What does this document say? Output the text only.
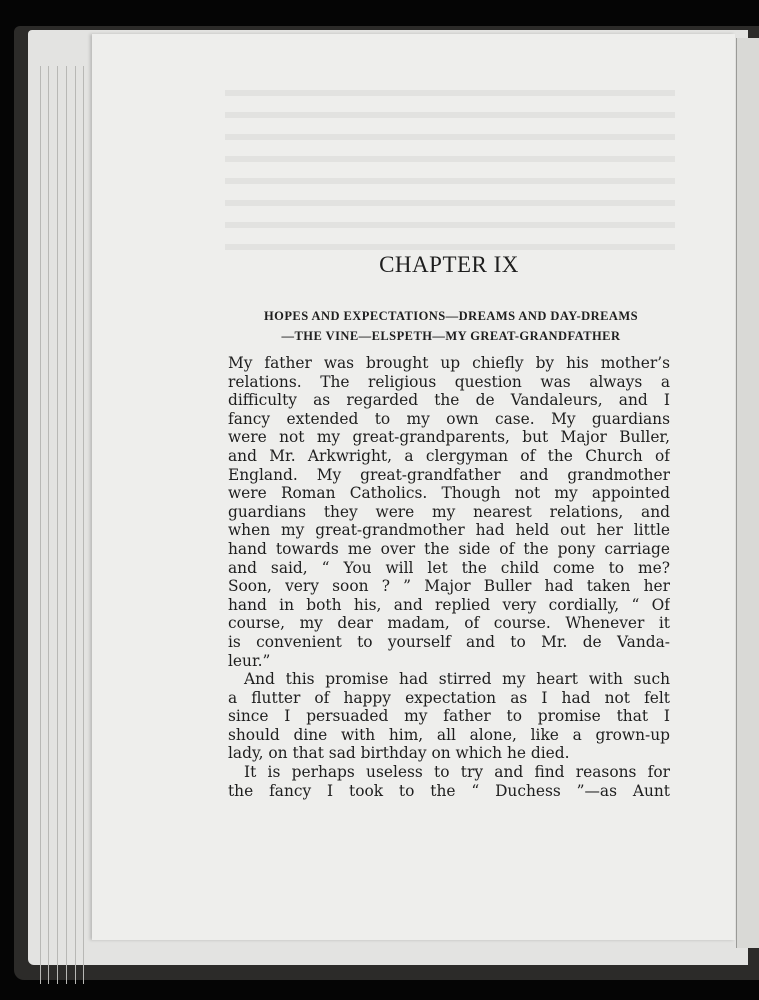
CHAPTER IX
HOPES AND EXPECTATIONS—DREAMS AND DAY-DREAMS
—THE VINE—ELSPETH—MY GREAT-GRANDFATHER
My father was brought up chiefly by his mother’s
relations. The religious question was always a
difficulty as regarded the de Vandaleurs, and I
fancy extended to my own case. My guardians
were not my great-grandparents, but Major Buller,
and Mr. Arkwright, a clergyman of the Church of
England. My great-grandfather and grandmother
were Roman Catholics. Though not my appointed
guardians they were my nearest relations, and
when my great-grandmother had held out her little
hand towards me over the side of the pony carriage
and said, “ You will let the child come to me?
Soon, very soon ? ” Major Buller had taken her
hand in both his, and replied very cordially, “ Of
course, my dear madam, of course. Whenever it
is convenient to yourself and to Mr. de Vanda-
leur.”
And this promise had stirred my heart with such
a flutter of happy expectation as I had not felt
since I persuaded my father to promise that I
should dine with him, all alone, like a grown-up
lady, on that sad birthday on which he died.
It is perhaps useless to try and find reasons for
the fancy I took to the “ Duchess ”—as Aunt
